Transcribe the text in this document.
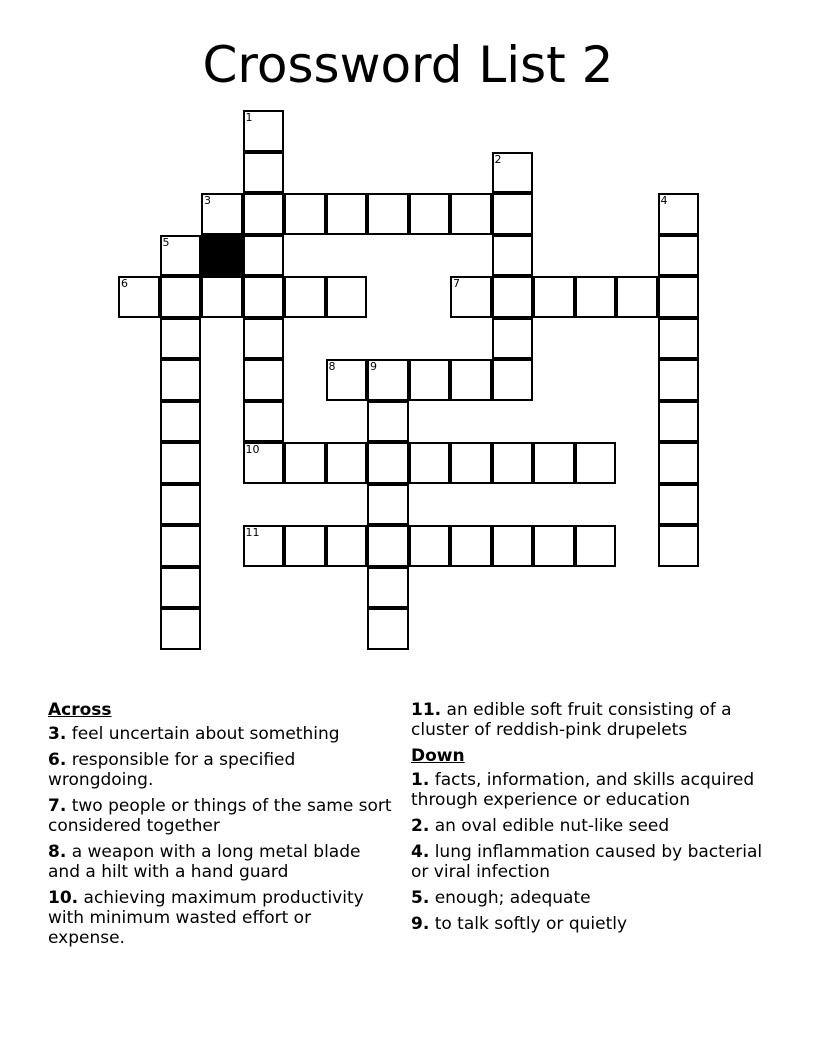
Crossword List 2
3
6	7
8	9
10
11
1
2
4
5
Across
3. feel uncertain about something
6. responsible for a specified wrongdoing.
7. two people or things of the same sort considered together
8. a weapon with a long metal blade and a hilt with a hand guard
10. achieving maximum productivity with minimum wasted effort or expense.
11. an edible soft fruit consisting of a cluster of reddish-pink drupelets
Down
1. facts, information, and skills acquired through experience or education
2. an oval edible nut-like seed
4. lung inflammation caused by bacterial or viral infection
5. enough; adequate
9. to talk softly or quietly
